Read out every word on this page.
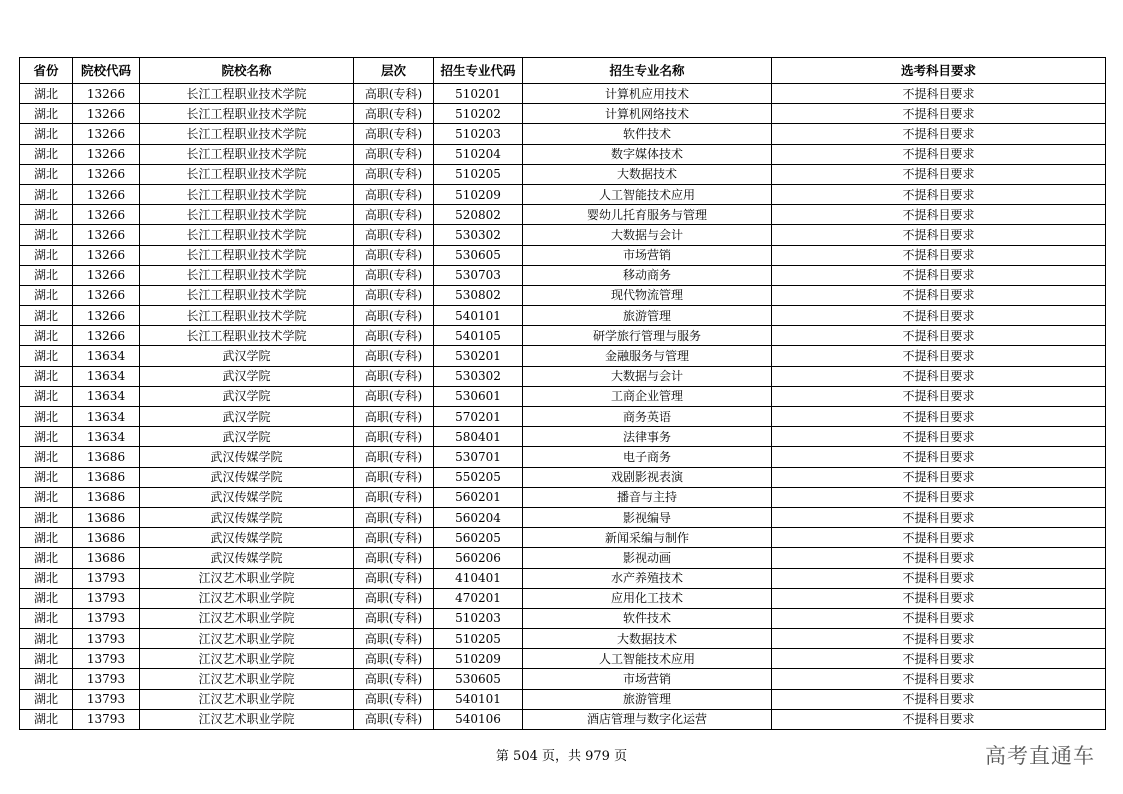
省份	院校代码	院校名称	层次	招生专业代码	招生专业名称	选考科目要求
湖北	13266	长江工程职业技术学院	高职(专科)	510201	计算机应用技术	不提科目要求
湖北	13266	长江工程职业技术学院	高职(专科)	510202	计算机网络技术	不提科目要求
湖北	13266	长江工程职业技术学院	高职(专科)	510203	软件技术	不提科目要求
湖北	13266	长江工程职业技术学院	高职(专科)	510204	数字媒体技术	不提科目要求
湖北	13266	长江工程职业技术学院	高职(专科)	510205	大数据技术	不提科目要求
湖北	13266	长江工程职业技术学院	高职(专科)	510209	人工智能技术应用	不提科目要求
湖北	13266	长江工程职业技术学院	高职(专科)	520802	婴幼儿托育服务与管理	不提科目要求
湖北	13266	长江工程职业技术学院	高职(专科)	530302	大数据与会计	不提科目要求
湖北	13266	长江工程职业技术学院	高职(专科)	530605	市场营销	不提科目要求
湖北	13266	长江工程职业技术学院	高职(专科)	530703	移动商务	不提科目要求
湖北	13266	长江工程职业技术学院	高职(专科)	530802	现代物流管理	不提科目要求
湖北	13266	长江工程职业技术学院	高职(专科)	540101	旅游管理	不提科目要求
湖北	13266	长江工程职业技术学院	高职(专科)	540105	研学旅行管理与服务	不提科目要求
湖北	13634	武汉学院	高职(专科)	530201	金融服务与管理	不提科目要求
湖北	13634	武汉学院	高职(专科)	530302	大数据与会计	不提科目要求
湖北	13634	武汉学院	高职(专科)	530601	工商企业管理	不提科目要求
湖北	13634	武汉学院	高职(专科)	570201	商务英语	不提科目要求
湖北	13634	武汉学院	高职(专科)	580401	法律事务	不提科目要求
湖北	13686	武汉传媒学院	高职(专科)	530701	电子商务	不提科目要求
湖北	13686	武汉传媒学院	高职(专科)	550205	戏剧影视表演	不提科目要求
湖北	13686	武汉传媒学院	高职(专科)	560201	播音与主持	不提科目要求
湖北	13686	武汉传媒学院	高职(专科)	560204	影视编导	不提科目要求
湖北	13686	武汉传媒学院	高职(专科)	560205	新闻采编与制作	不提科目要求
湖北	13686	武汉传媒学院	高职(专科)	560206	影视动画	不提科目要求
湖北	13793	江汉艺术职业学院	高职(专科)	410401	水产养殖技术	不提科目要求
湖北	13793	江汉艺术职业学院	高职(专科)	470201	应用化工技术	不提科目要求
湖北	13793	江汉艺术职业学院	高职(专科)	510203	软件技术	不提科目要求
湖北	13793	江汉艺术职业学院	高职(专科)	510205	大数据技术	不提科目要求
湖北	13793	江汉艺术职业学院	高职(专科)	510209	人工智能技术应用	不提科目要求
湖北	13793	江汉艺术职业学院	高职(专科)	530605	市场营销	不提科目要求
湖北	13793	江汉艺术职业学院	高职(专科)	540101	旅游管理	不提科目要求
湖北	13793	江汉艺术职业学院	高职(专科)	540106	酒店管理与数字化运营	不提科目要求
第 504 页，共 979 页	高考直通车
